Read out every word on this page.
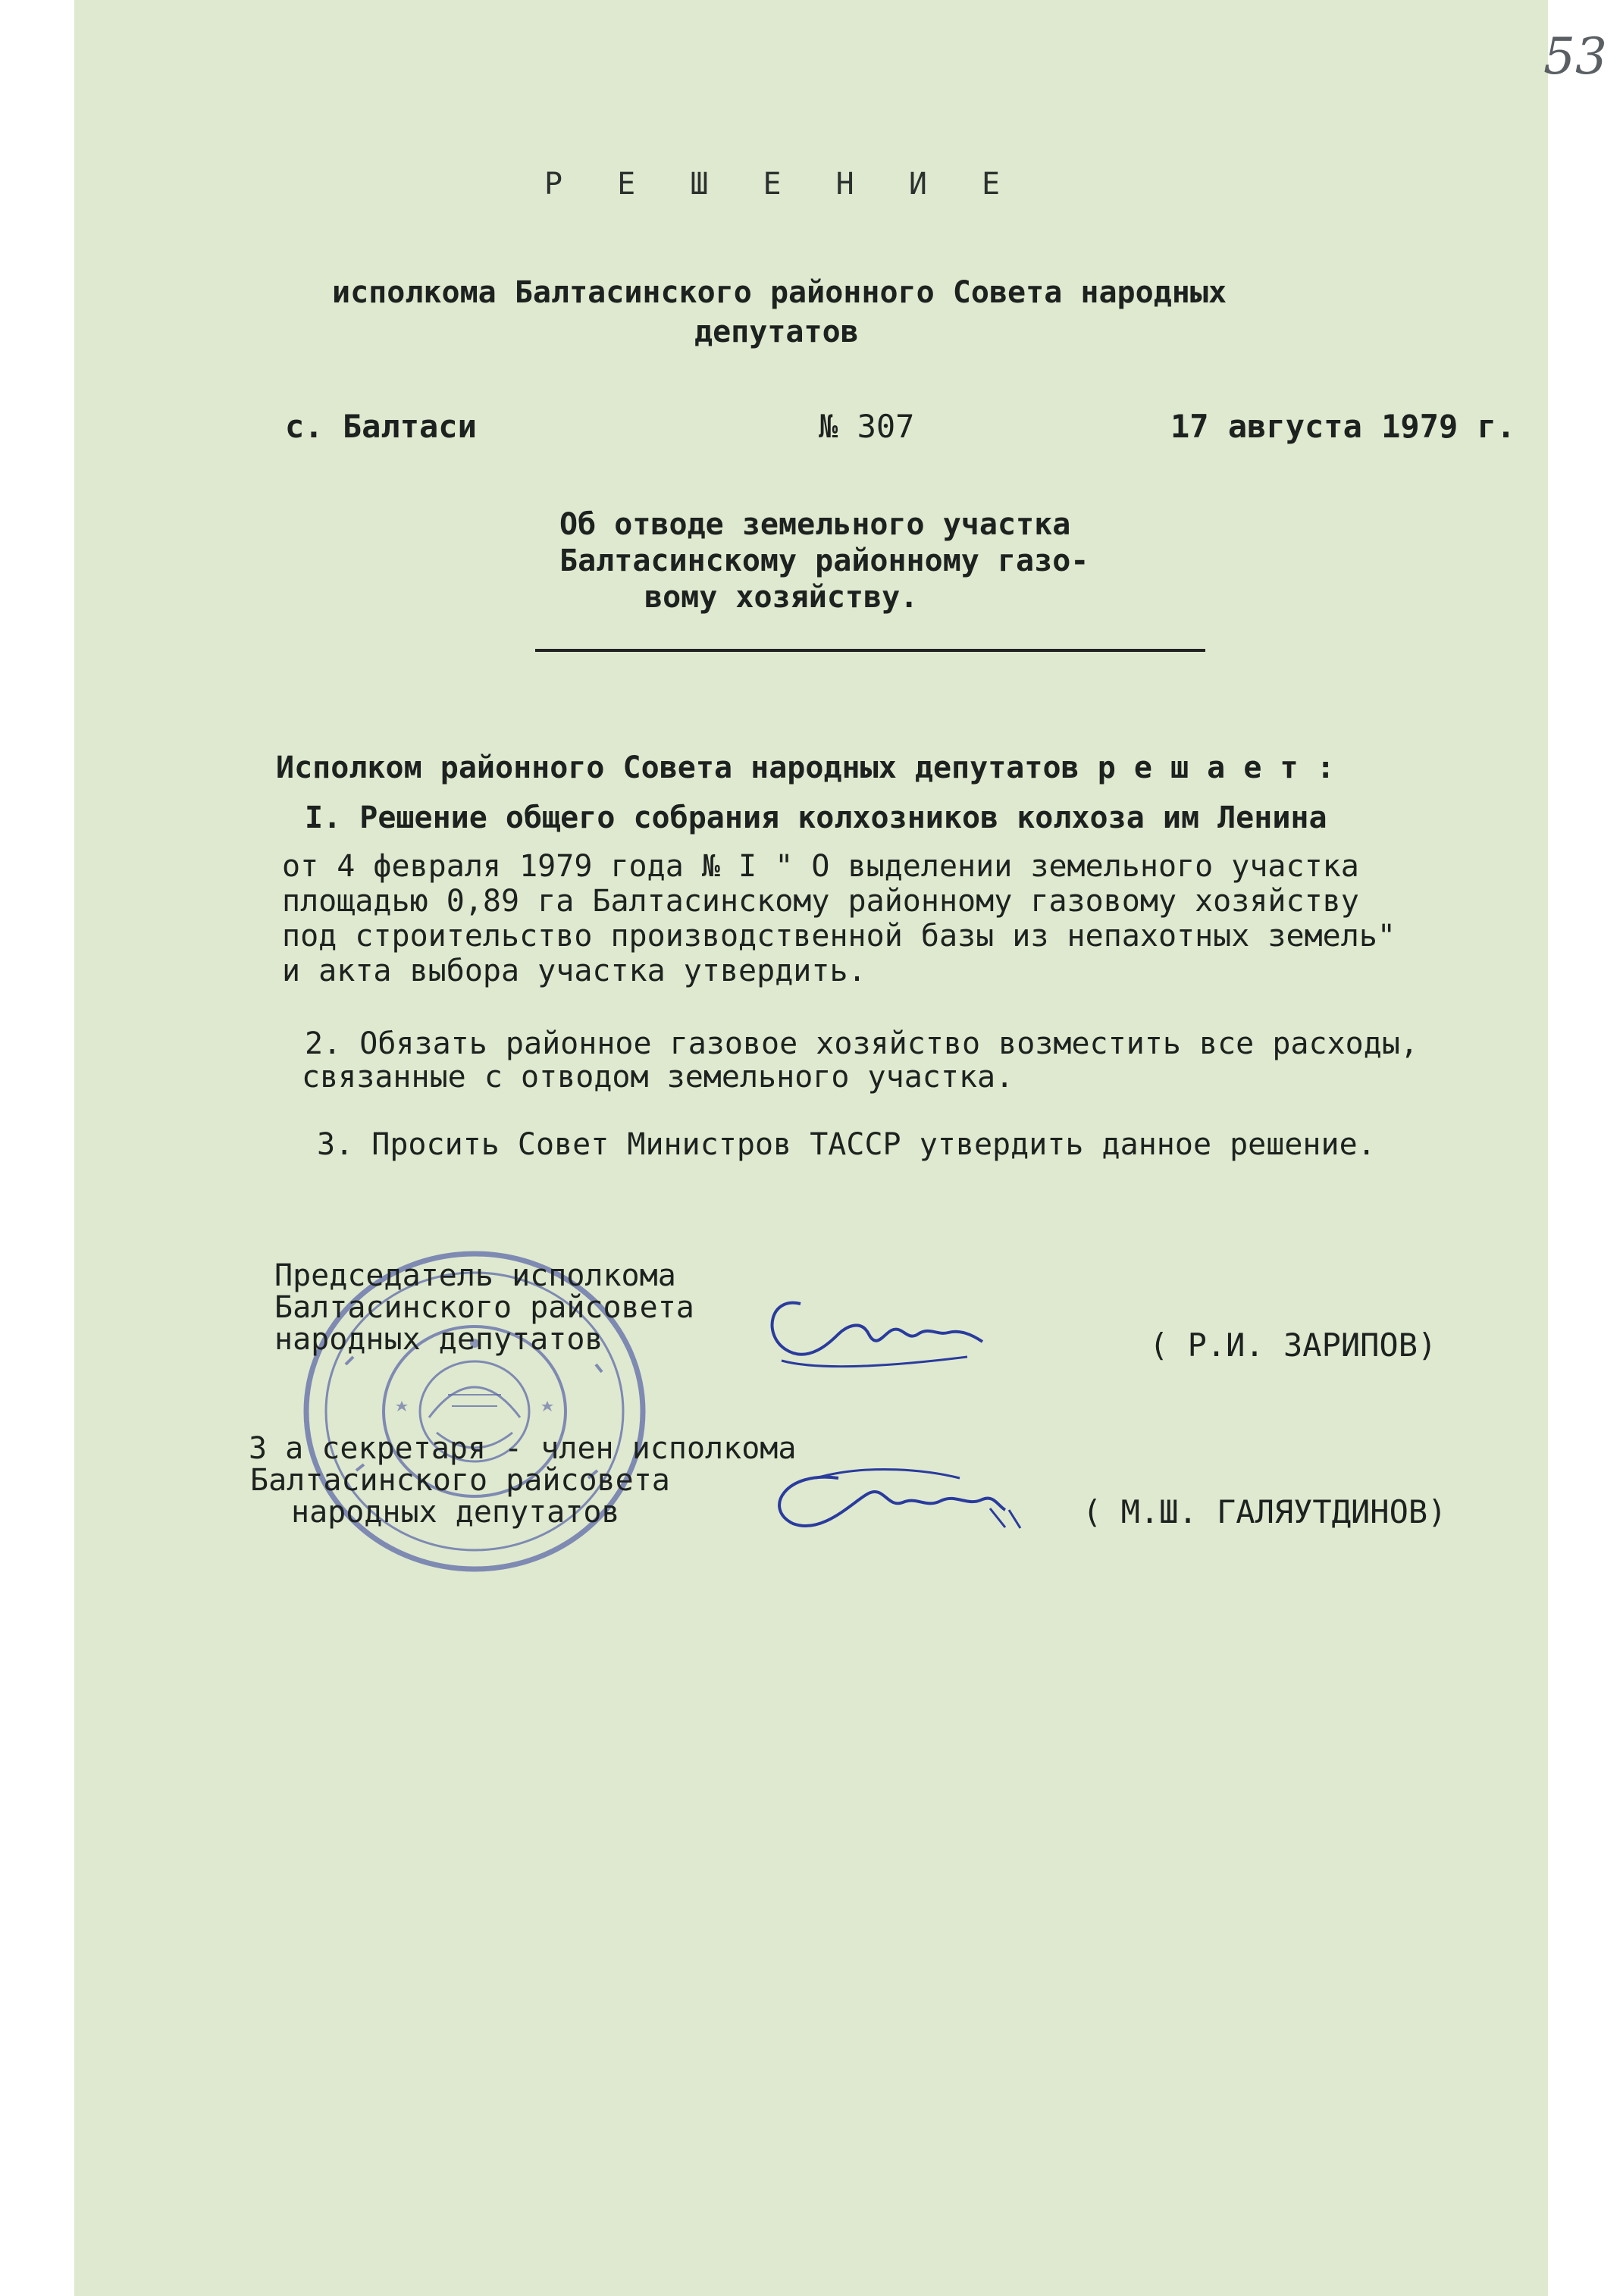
53
Р Е Ш Е Н И Е
исполкома Балтасинского районного Совета народных
депутатов
с. Балтаси	№ 307	17 августа 1979 г.
Об отводе земельного участка
Балтасинскому районному газо-
вому хозяйству.
Исполком районного Совета народных депутатов р е ш а е т :
I. Решение общего собрания колхозников колхоза им Ленина
от 4 февраля 1979 года № I " О выделении земельного участка
площадью 0,89 га Балтасинскому районному газовому хозяйству
под строительство производственной базы из непахотных земель"
и акта выбора участка утвердить.
2. Обязать районное газовое хозяйство возместить все расходы,
связанные с отводом земельного участка.
3. Просить Совет Министров ТАССР утвердить данное решение.
Председатель исполкома
Балтасинского райсовета
народных депутатов	( Р.И. ЗАРИПОВ)
З а секретаря - член исполкома
Балтасинского райсовета
народных депутатов	( М.Ш. ГАЛЯУТДИНОВ)
